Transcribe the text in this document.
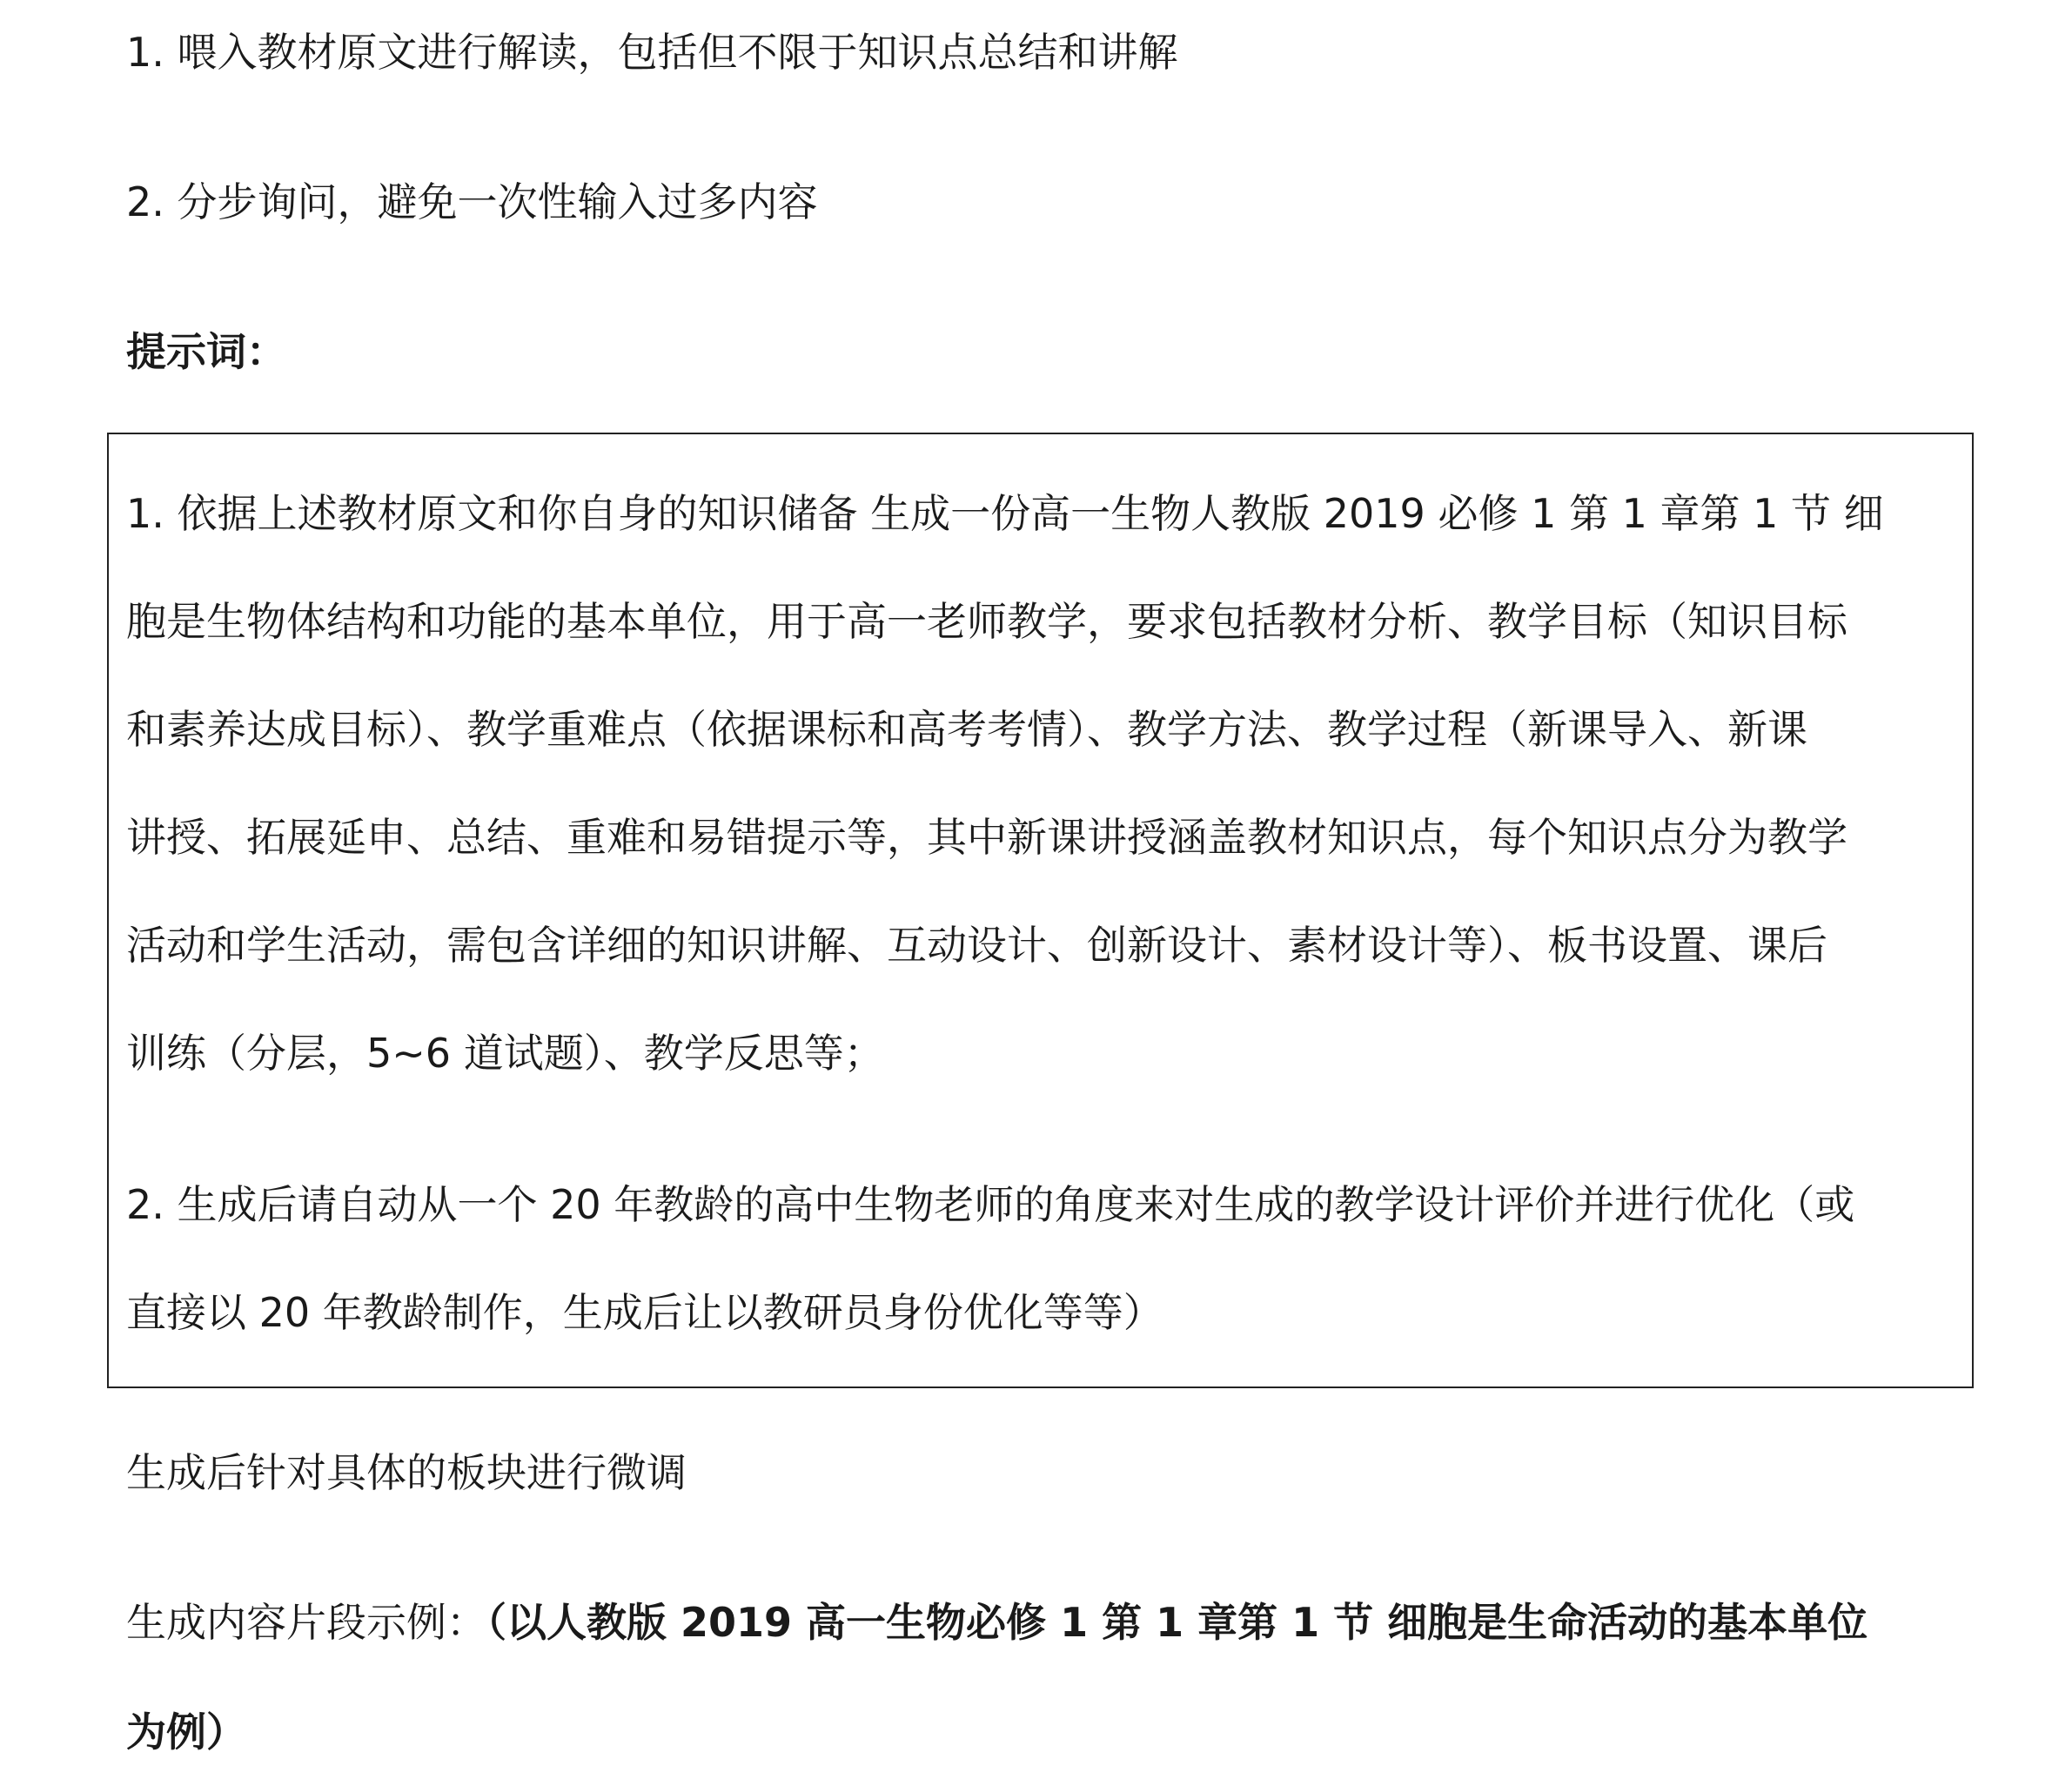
1. 喂入教材原文进行解读，包括但不限于知识点总结和讲解
2. 分步询问，避免一次性输入过多内容
提示词：
1. 依据上述教材原文和你自身的知识储备 生成一份高一生物人教版 2019 必修 1 第 1 章第 1 节 细
胞是生物体结构和功能的基本单位，用于高一老师教学，要求包括教材分析、教学目标（知识目标
和素养达成目标）、教学重难点（依据课标和高考考情）、教学方法、教学过程（新课导入、新课
讲授、拓展延申、总结、重难和易错提示等，其中新课讲授涵盖教材知识点，每个知识点分为教学
活动和学生活动，需包含详细的知识讲解、互动设计、创新设计、素材设计等）、板书设置、课后
训练（分层，5~6 道试题）、教学反思等；
2. 生成后请自动从一个 20 年教龄的高中生物老师的角度来对生成的教学设计评价并进行优化（或
直接以 20 年教龄制作，生成后让以教研员身份优化等等）
生成后针对具体的板块进行微调
生成内容片段示例：（以人教版 2019 高一生物必修 1 第 1 章第 1 节 细胞是生命活动的基本单位
为例）
